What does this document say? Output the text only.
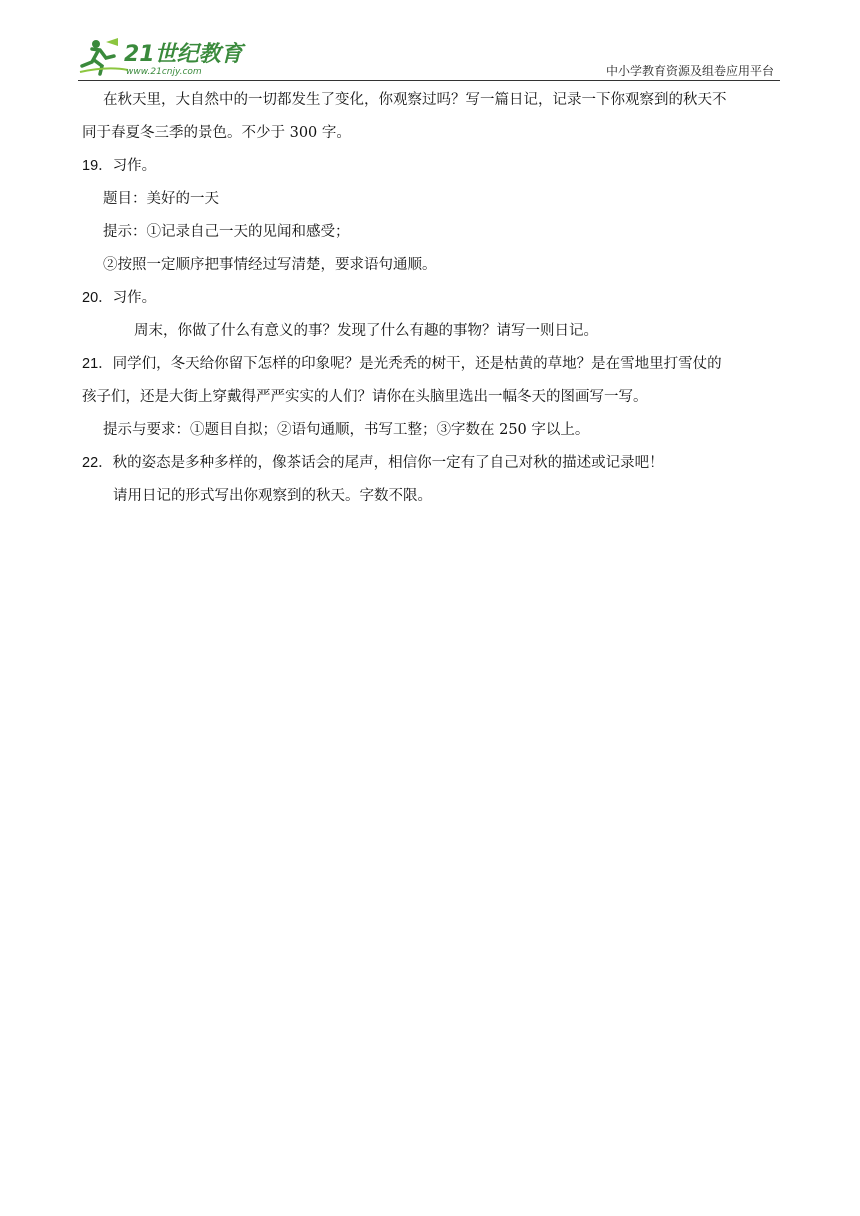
21世纪教育
www.21cnjy.com	中小学教育资源及组卷应用平台

在秋天里，大自然中的一切都发生了变化，你观察过吗？写一篇日记，记录一下你观察到的秋天不

同于春夏冬三季的景色。不少于 300 字。

19．习作。

题目：美好的一天

提示：①记录自己一天的见闻和感受；

②按照一定顺序把事情经过写清楚，要求语句通顺。

20．习作。

周末，你做了什么有意义的事？发现了什么有趣的事物？请写一则日记。

21．同学们，冬天给你留下怎样的印象呢？是光秃秃的树干，还是枯黄的草地？是在雪地里打雪仗的

孩子们，还是大街上穿戴得严严实实的人们？请你在头脑里选出一幅冬天的图画写一写。

提示与要求：①题目自拟；②语句通顺，书写工整；③字数在 250 字以上。

22．秋的姿态是多种多样的，像茶话会的尾声，相信你一定有了自己对秋的描述或记录吧！

请用日记的形式写出你观察到的秋天。字数不限。
